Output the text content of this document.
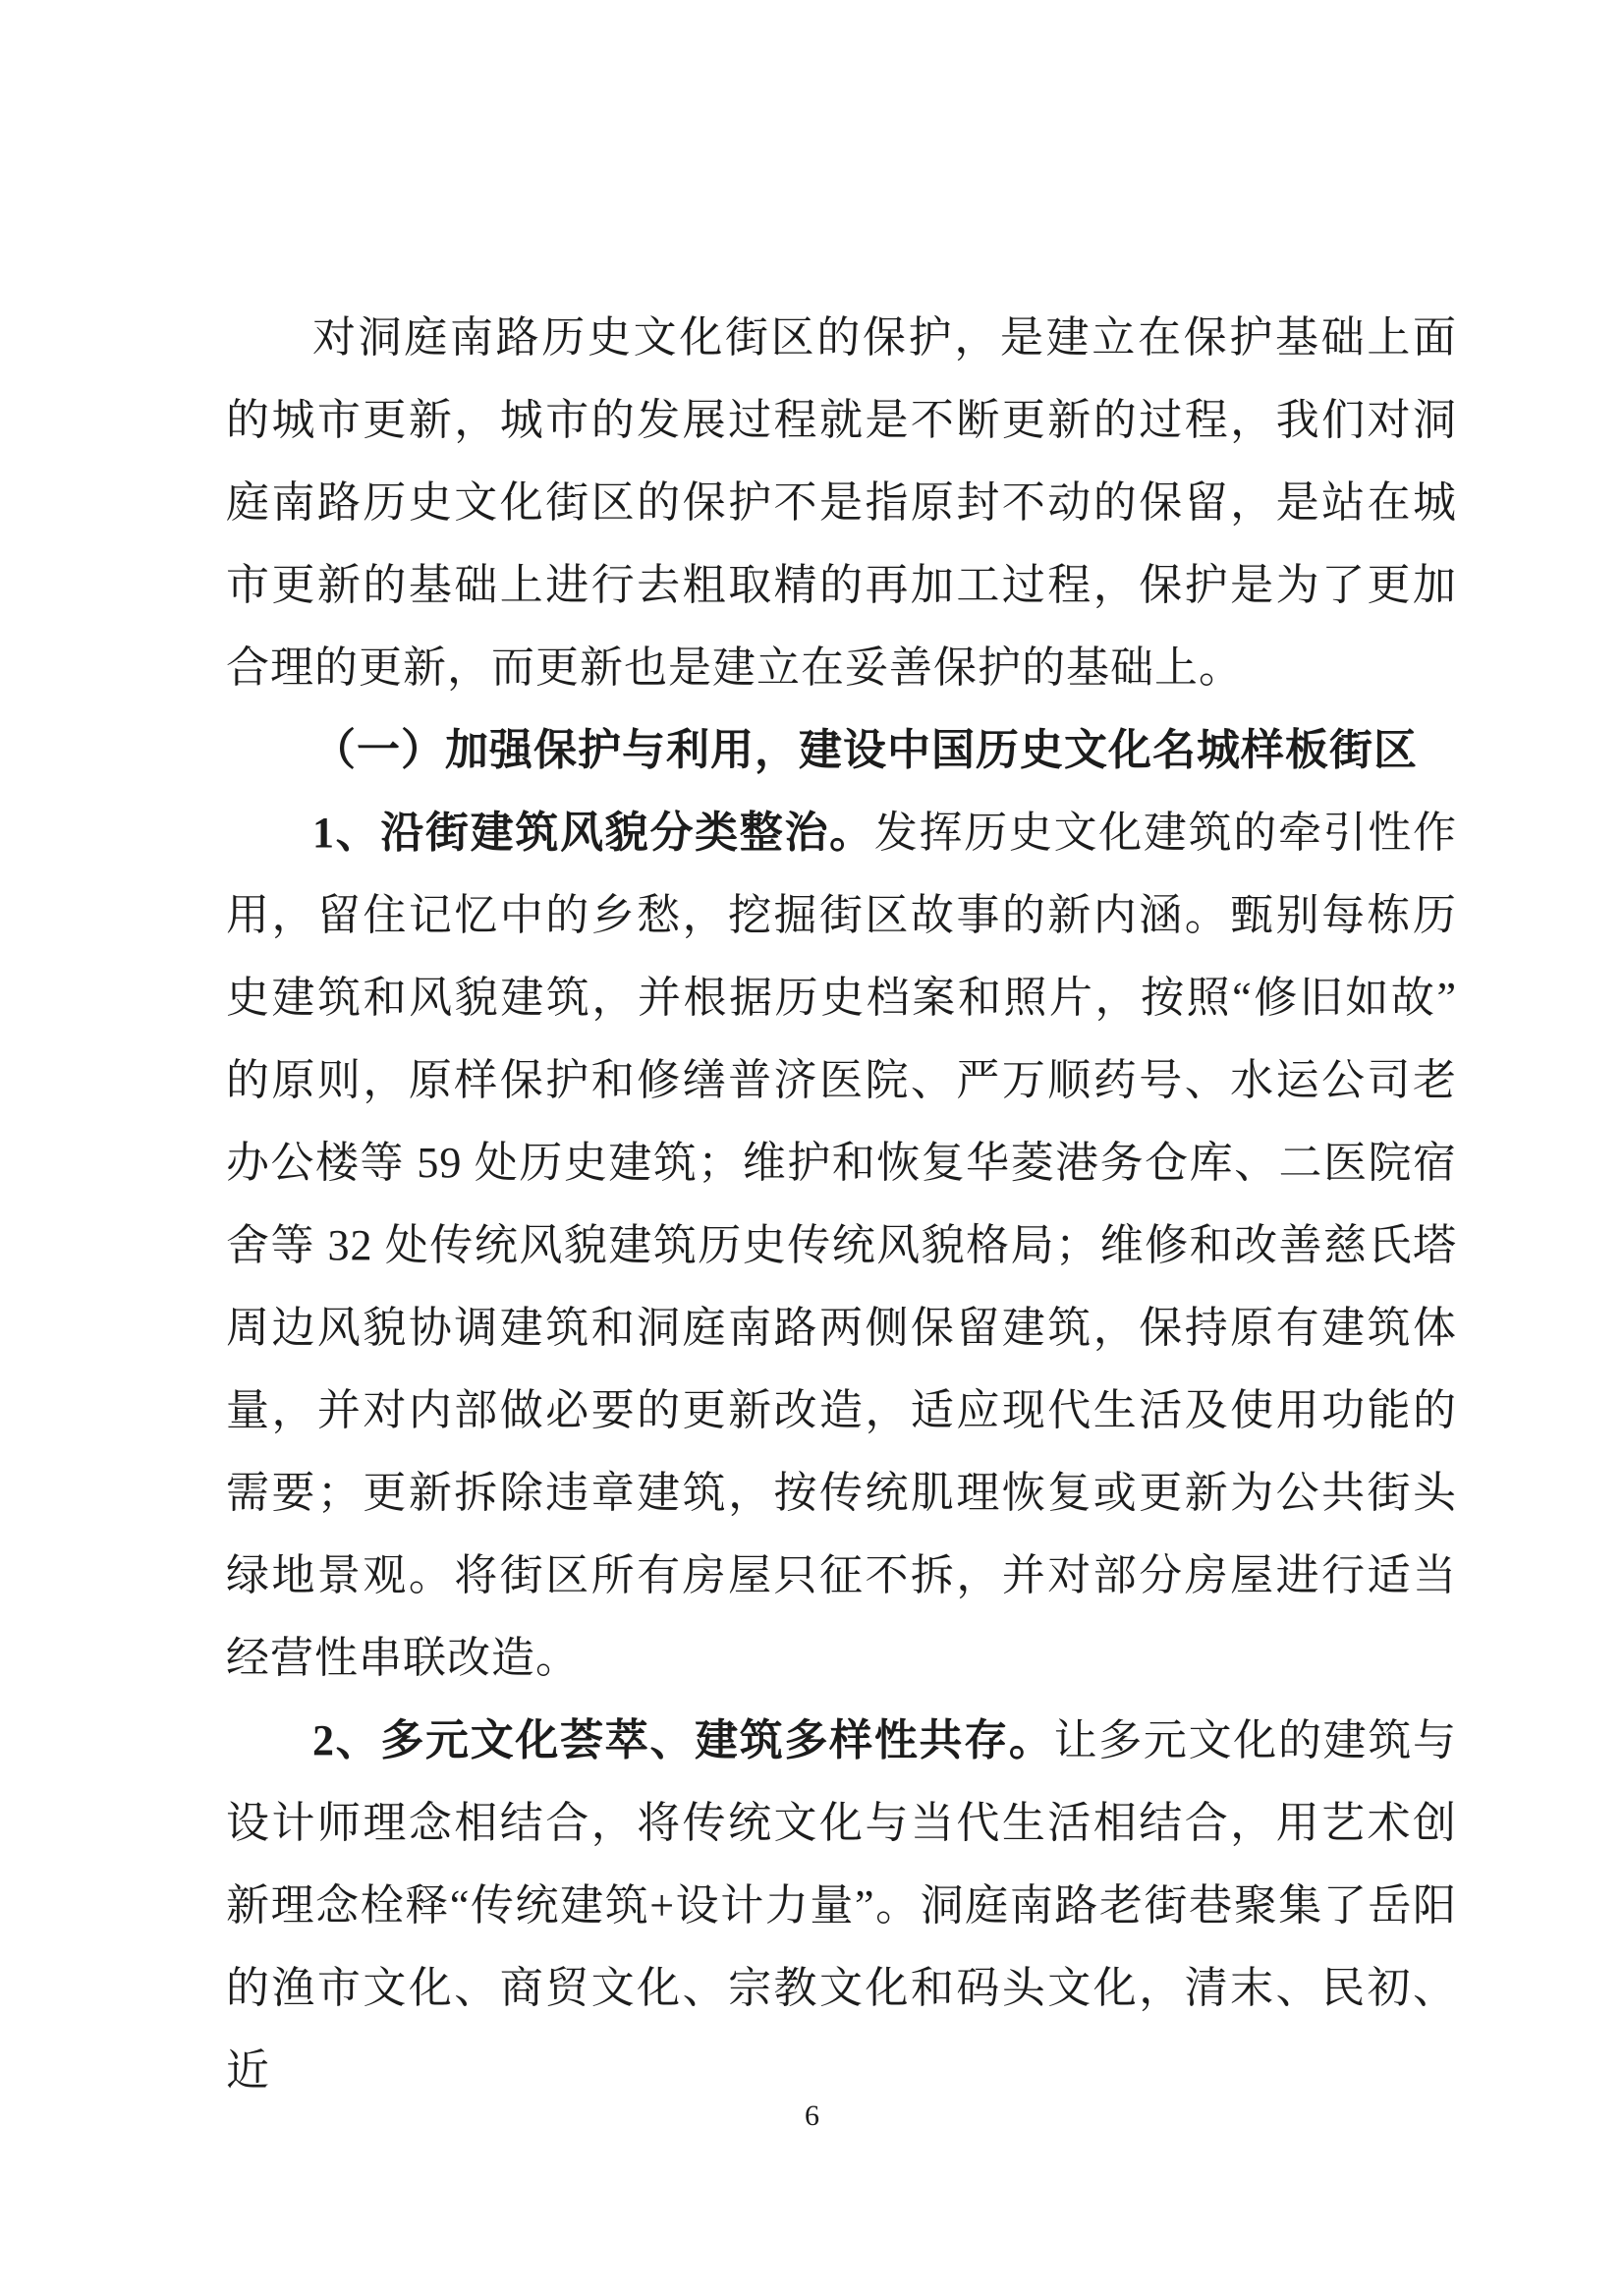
对洞庭南路历史文化街区的保护，是建立在保护基础上面的城市更新，城市的发展过程就是不断更新的过程，我们对洞庭南路历史文化街区的保护不是指原封不动的保留，是站在城市更新的基础上进行去粗取精的再加工过程，保护是为了更加合理的更新，而更新也是建立在妥善保护的基础上。

（一）加强保护与利用，建设中国历史文化名城样板街区

1、沿街建筑风貌分类整治。发挥历史文化建筑的牵引性作用，留住记忆中的乡愁，挖掘街区故事的新内涵。甄别每栋历史建筑和风貌建筑，并根据历史档案和照片，按照“修旧如故”的原则，原样保护和修缮普济医院、严万顺药号、水运公司老办公楼等 59 处历史建筑；维护和恢复华菱港务仓库、二医院宿舍等 32 处传统风貌建筑历史传统风貌格局；维修和改善慈氏塔周边风貌协调建筑和洞庭南路两侧保留建筑，保持原有建筑体量，并对内部做必要的更新改造，适应现代生活及使用功能的需要；更新拆除违章建筑，按传统肌理恢复或更新为公共街头绿地景观。将街区所有房屋只征不拆，并对部分房屋进行适当经营性串联改造。

2、多元文化荟萃、建筑多样性共存。让多元文化的建筑与设计师理念相结合，将传统文化与当代生活相结合，用艺术创新理念栓释“传统建筑+设计力量”。洞庭南路老街巷聚集了岳阳的渔市文化、商贸文化、宗教文化和码头文化，清末、民初、近

6
